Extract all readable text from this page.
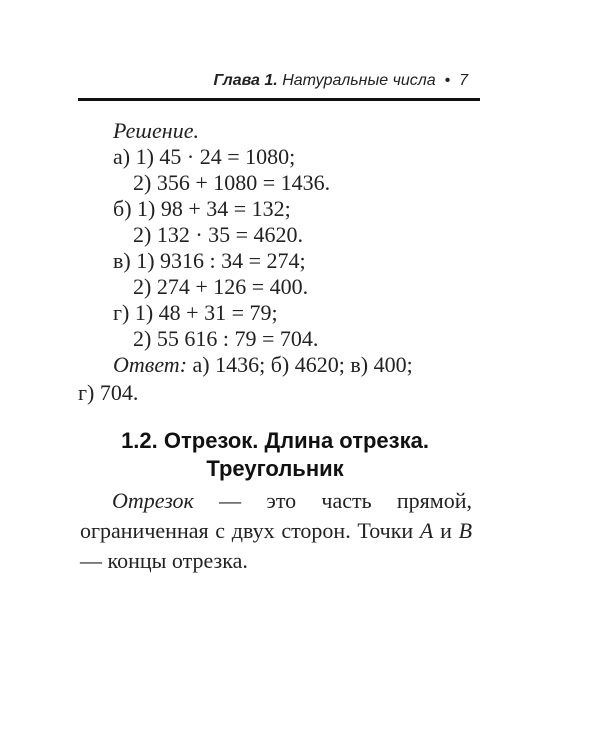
Глава 1. Натуральные числа • 7
Решение.
а) 1) 45 · 24 = 1080;
2) 356 + 1080 = 1436.
б) 1) 98 + 34 = 132;
2) 132 · 35 = 4620.
в) 1) 9316 : 34 = 274;
2) 274 + 126 = 400.
г) 1) 48 + 31 = 79;
2) 55 616 : 79 = 704.
Ответ: а) 1436; б) 4620; в) 400;
г) 704.
1.2. Отрезок. Длина отрезка.
Треугольник
Отрезок — это часть прямой, ограниченная с двух сторон. Точки A и B — концы отрезка.
